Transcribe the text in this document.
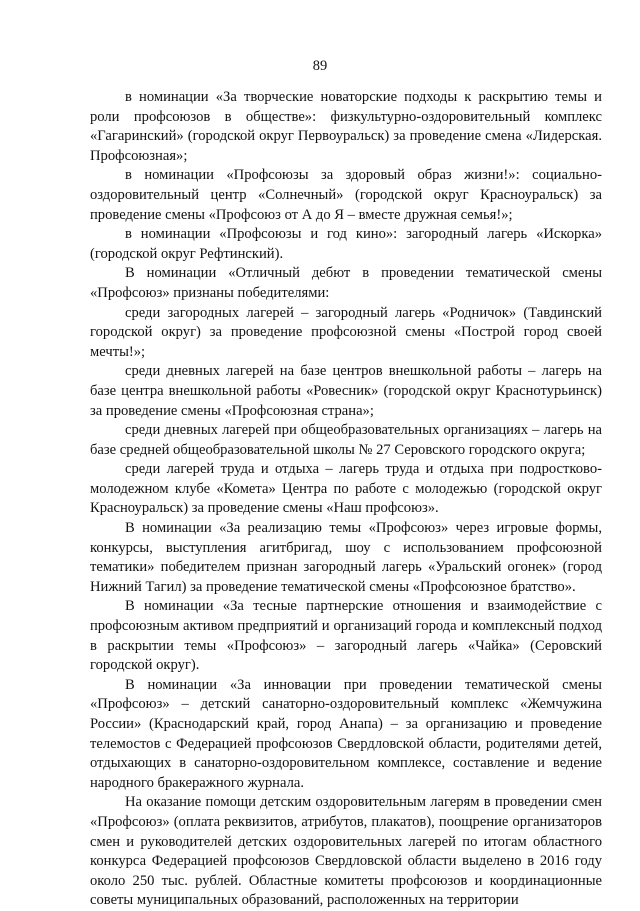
89

в номинации «За творческие новаторские подходы к раскрытию темы и роли профсоюзов в обществе»: физкультурно-оздоровительный комплекс «Гагаринский» (городской округ Первоуральск) за проведение смена «Лидерская. Профсоюзная»;

в номинации «Профсоюзы за здоровый образ жизни!»: социально-оздоровительный центр «Солнечный» (городской округ Красноуральск) за проведение смены «Профсоюз от А до Я – вместе дружная семья!»;

в номинации «Профсоюзы и год кино»: загородный лагерь «Искорка» (городской округ Рефтинский).

В номинации «Отличный дебют в проведении тематической смены «Профсоюз» признаны победителями:

среди загородных лагерей – загородный лагерь «Родничок» (Тавдинский городской округ) за проведение профсоюзной смены «Построй город своей мечты!»;

среди дневных лагерей на базе центров внешкольной работы – лагерь на базе центра внешкольной работы «Ровесник» (городской округ Краснотурьинск) за проведение смены «Профсоюзная страна»;

среди дневных лагерей при общеобразовательных организациях – лагерь на базе средней общеобразовательной школы № 27 Серовского городского округа;

среди лагерей труда и отдыха – лагерь труда и отдыха при подростково-молодежном клубе «Комета» Центра по работе с молодежью (городской округ Красноуральск) за проведение смены «Наш профсоюз».

В номинации «За реализацию темы «Профсоюз» через игровые формы, конкурсы, выступления агитбригад, шоу с использованием профсоюзной тематики» победителем признан загородный лагерь «Уральский огонек» (город Нижний Тагил) за проведение тематической смены «Профсоюзное братство».

В номинации «За тесные партнерские отношения и взаимодействие с профсоюзным активом предприятий и организаций города и комплексный подход в раскрытии темы «Профсоюз» – загородный лагерь «Чайка» (Серовский городской округ).

В номинации «За инновации при проведении тематической смены «Профсоюз» – детский санаторно-оздоровительный комплекс «Жемчужина России» (Краснодарский край, город Анапа) – за организацию и проведение телемостов с Федерацией профсоюзов Свердловской области, родителями детей, отдыхающих в санаторно-оздоровительном комплексе, составление и ведение народного бракеражного журнала.

На оказание помощи детским оздоровительным лагерям в проведении смен «Профсоюз» (оплата реквизитов, атрибутов, плакатов), поощрение организаторов смен и руководителей детских оздоровительных лагерей по итогам областного конкурса Федерацией профсоюзов Свердловской области выделено в 2016 году около 250 тыс. рублей. Областные комитеты профсоюзов и координационные советы муниципальных образований, расположенных на территории
